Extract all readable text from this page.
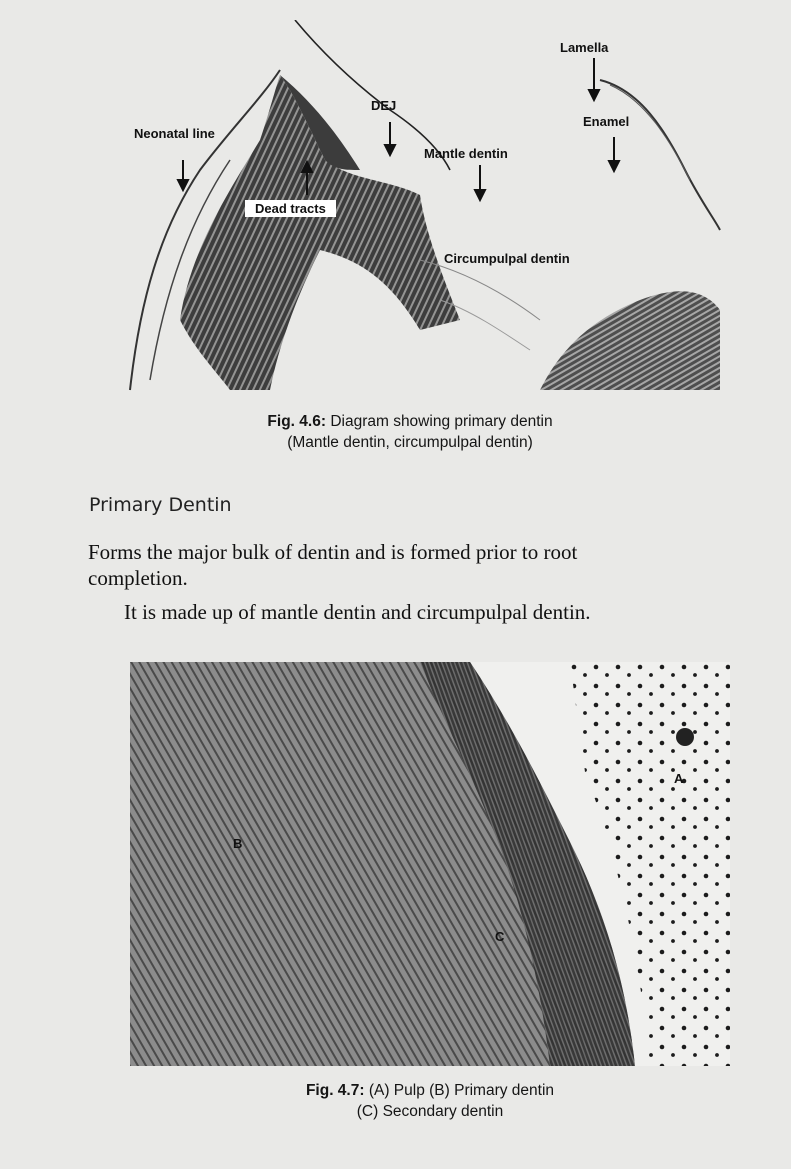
Lamella
Enamel
DEJ
Neonatal line
Mantle dentin
Dead tracts
Circumpulpal dentin
Fig. 4.6: Diagram showing primary dentin
(Mantle dentin, circumpulpal dentin)
Primary Dentin
Forms the major bulk of dentin and is formed prior to root
completion.
It is made up of mantle dentin and circumpulpal dentin.
A
B
C
Fig. 4.7: (A) Pulp (B) Primary dentin
(C) Secondary dentin
